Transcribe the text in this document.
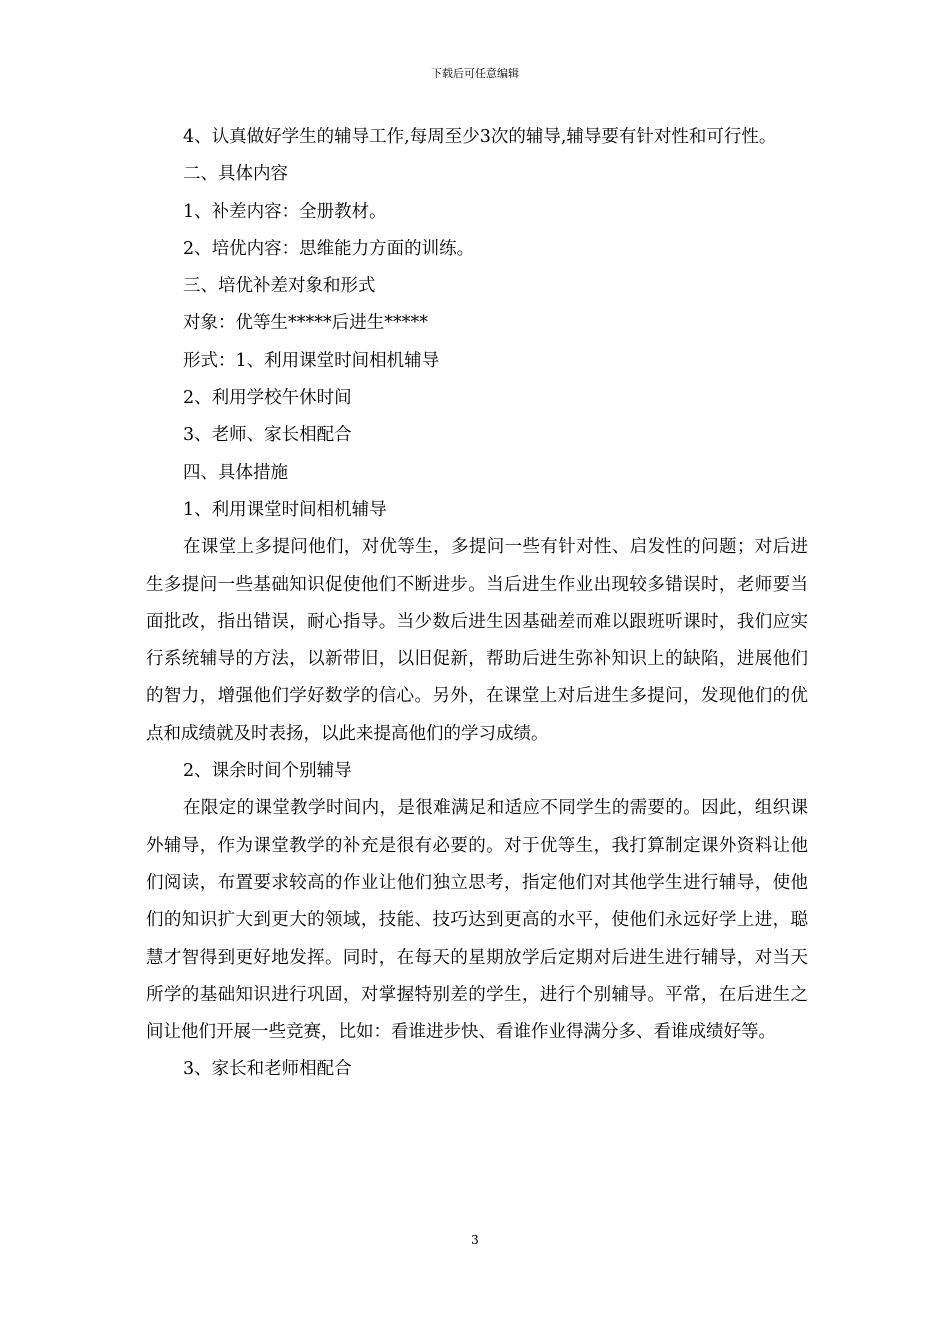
下载后可任意编辑

4、认真做好学生的辅导工作,每周至少3次的辅导,辅导要有针对性和可行性。

二、具体内容

1、补差内容：全册教材。

2、培优内容：思维能力方面的训练。

三、培优补差对象和形式

对象：优等生*****后进生*****

形式：1、利用课堂时间相机辅导

2、利用学校午休时间

3、老师、家长相配合

四、具体措施

1、利用课堂时间相机辅导

在课堂上多提问他们，对优等生，多提问一些有针对性、启发性的问题；对后进生多提问一些基础知识促使他们不断进步。当后进生作业出现较多错误时，老师要当面批改，指出错误，耐心指导。当少数后进生因基础差而难以跟班听课时，我们应实行系统辅导的方法，以新带旧，以旧促新，帮助后进生弥补知识上的缺陷，进展他们的智力，增强他们学好数学的信心。另外，在课堂上对后进生多提问，发现他们的优点和成绩就及时表扬，以此来提高他们的学习成绩。

2、课余时间个别辅导

在限定的课堂教学时间内，是很难满足和适应不同学生的需要的。因此，组织课外辅导，作为课堂教学的补充是很有必要的。对于优等生，我打算制定课外资料让他们阅读，布置要求较高的作业让他们独立思考，指定他们对其他学生进行辅导，使他们的知识扩大到更大的领域，技能、技巧达到更高的水平，使他们永远好学上进，聪慧才智得到更好地发挥。同时，在每天的星期放学后定期对后进生进行辅导，对当天所学的基础知识进行巩固，对掌握特别差的学生，进行个别辅导。平常，在后进生之间让他们开展一些竞赛，比如：看谁进步快、看谁作业得满分多、看谁成绩好等。

3、家长和老师相配合

3
